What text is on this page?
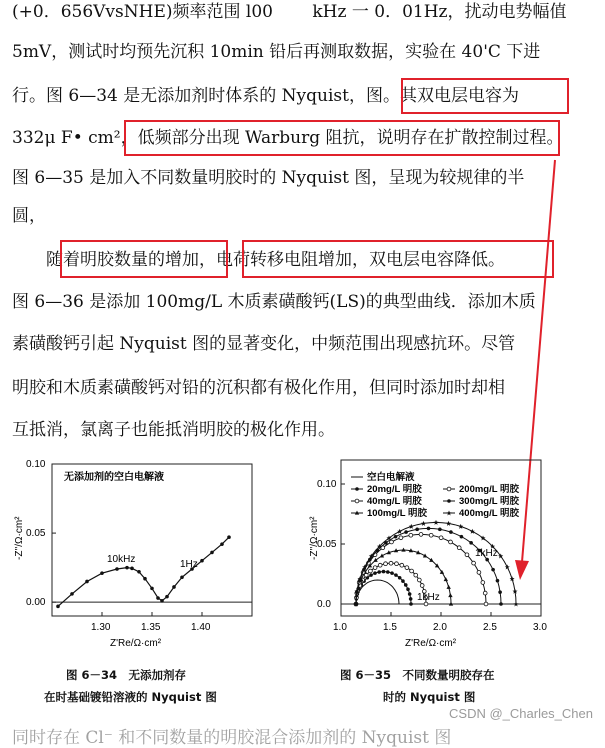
(+0．656VvsNHE)频率范围 l00 　　kHz 一 0．01Hz，扰动电势幅值
5mV，测试时均预先沉积 10min 铅后再测取数据，实验在 40'C 下进
行。图 6—34 是无添加剂时体系的 Nyquist，图。其双电层电容为
332μ F• cm²，低频部分出现 Warburg 阻抗，说明存在扩散控制过程。
图 6—35 是加入不同数量明胶时的 Nyquist 图，呈现为较规律的半
圆，
　　随着明胶数量的增加，电荷转移电阻增加，双电层电容降低。
图 6—36 是添加 100mg/L 木质素磺酸钙(LS)的典型曲线．添加木质
素磺酸钙引起 Nyquist 图的显著变化，中频范围出现感抗环。尽管
明胶和木质素磺酸钙对铅的沉积都有极化作用，但同时添加时却相
互抵消，氯离子也能抵消明胶的极化作用。
1.30	1.35	1.40
0.00
0.05
0.10
无添加剂的空白电解液
10kHz	1Hz
Z'Re/Ω·cm²
-Z''/Ω·cm²
图 6－34　无添加剂存
在时基础镀铅溶液的 Nyquist 图
1.0	1.5	2.0	2.5	3.0
0.0
0.05
0.10
空白电解液
20mg/L 明胶
40mg/L 明胶
100mg/L 明胶
200mg/L 明胶
300mg/L 明胶
400mg/L 明胶
1kHz
1kHz
Z'Re/Ω·cm²
-Z''/Ω·cm²
图 6－35　不同数量明胶存在
时的 Nyquist 图
CSDN @_Charles_Chen
同时存在 Cl⁻ 和不同数量的明胶混合添加剂的 Nyquist 图
